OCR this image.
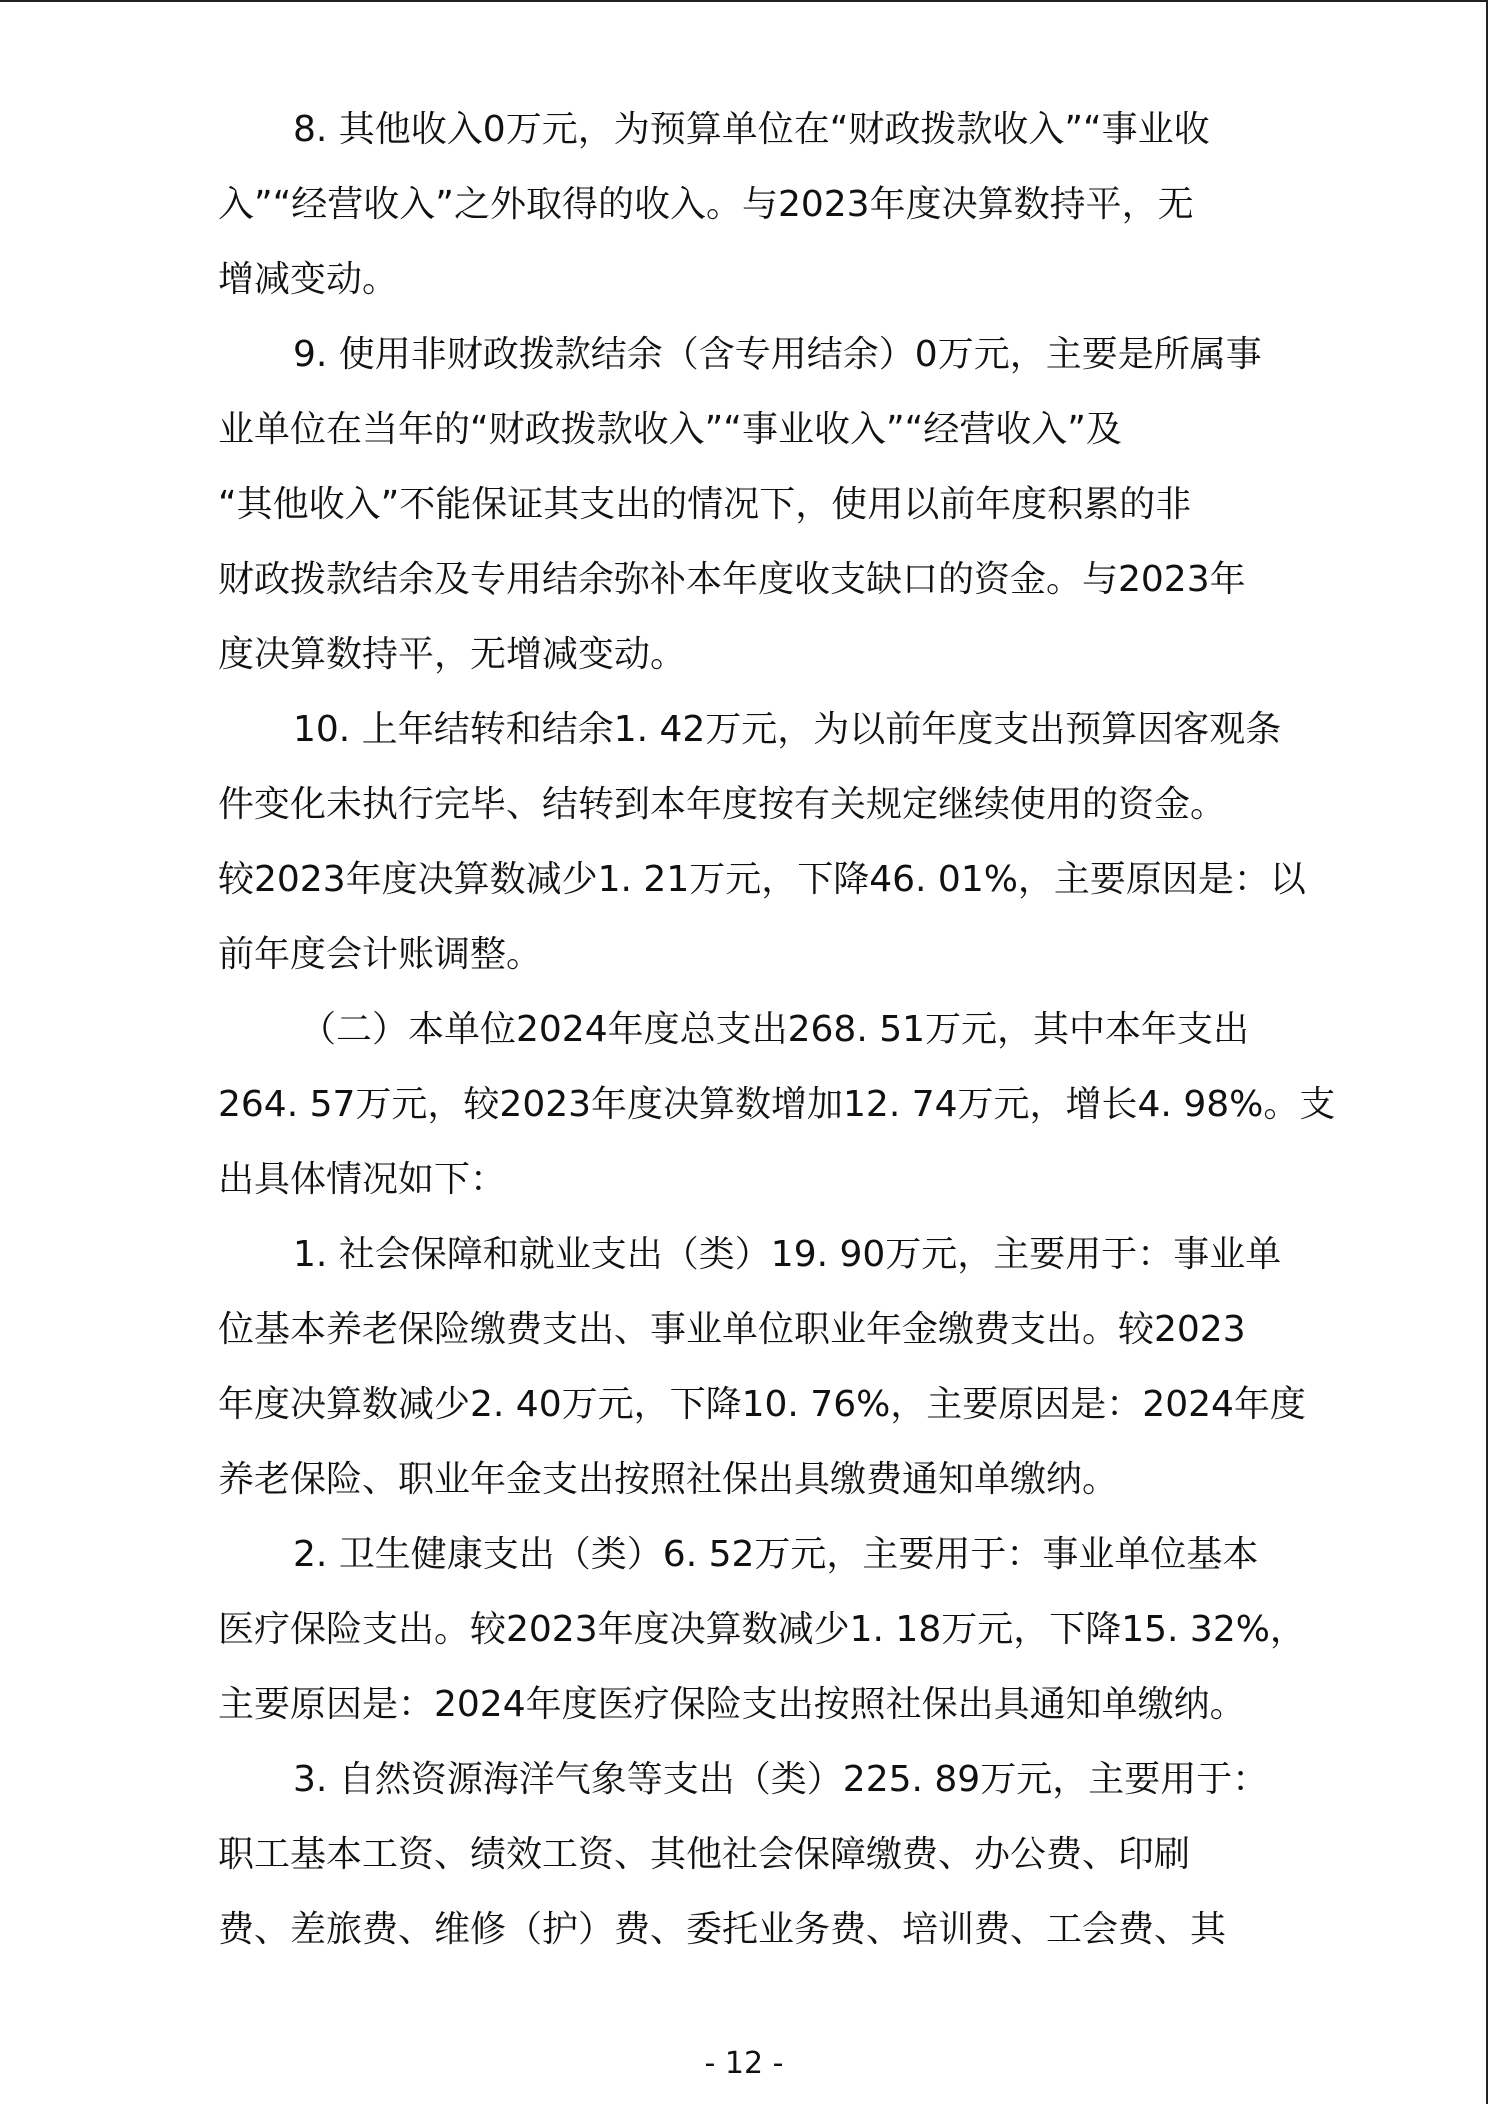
8. 其他收入0万元，为预算单位在“财政拨款收入”“事业收
入”“经营收入”之外取得的收入。与2023年度决算数持平，无
增减变动。
9. 使用非财政拨款结余（含专用结余）0万元，主要是所属事
业单位在当年的“财政拨款收入”“事业收入”“经营收入”及
“其他收入”不能保证其支出的情况下，使用以前年度积累的非
财政拨款结余及专用结余弥补本年度收支缺口的资金。与2023年
度决算数持平，无增减变动。
10. 上年结转和结余1. 42万元，为以前年度支出预算因客观条
件变化未执行完毕、结转到本年度按有关规定继续使用的资金。
较2023年度决算数减少1. 21万元，下降46. 01%，主要原因是：以
前年度会计账调整。
（二）本单位2024年度总支出268. 51万元，其中本年支出
264. 57万元，较2023年度决算数增加12. 74万元，增长4. 98%。支
出具体情况如下：
1. 社会保障和就业支出（类）19. 90万元，主要用于：事业单
位基本养老保险缴费支出、事业单位职业年金缴费支出。较2023
年度决算数减少2. 40万元，下降10. 76%，主要原因是：2024年度
养老保险、职业年金支出按照社保出具缴费通知单缴纳。
2. 卫生健康支出（类）6. 52万元，主要用于：事业单位基本
医疗保险支出。较2023年度决算数减少1. 18万元，下降15. 32%，
主要原因是：2024年度医疗保险支出按照社保出具通知单缴纳。
3. 自然资源海洋气象等支出（类）225. 89万元，主要用于：
职工基本工资、绩效工资、其他社会保障缴费、办公费、印刷
费、差旅费、维修（护）费、委托业务费、培训费、工会费、其
- 12 -
